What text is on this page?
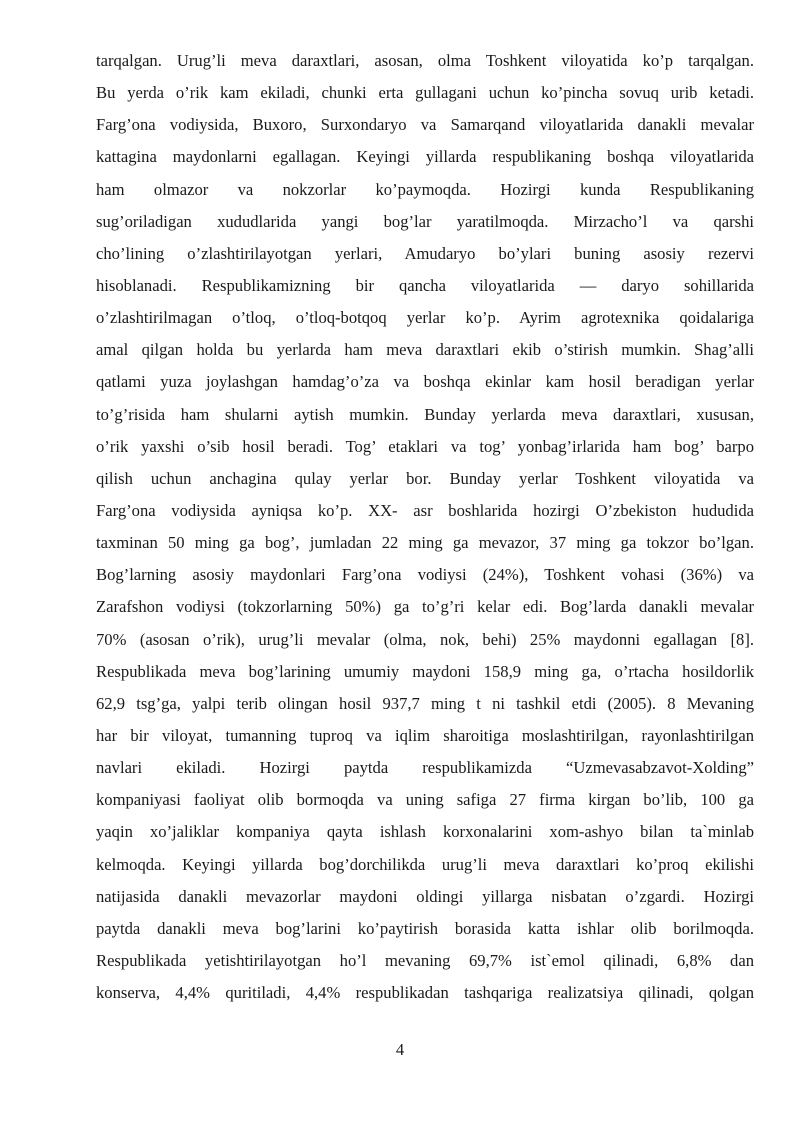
tarqalgan. Urug’li meva daraxtlari, asosan, olma Toshkent viloyatida ko’p tarqalgan.
Bu yerda o’rik kam ekiladi, chunki erta gullagani uchun ko’pincha sovuq urib ketadi.
Farg’ona vodiysida, Buxoro, Surxondaryo va Samarqand viloyatlarida danakli mevalar
kattagina maydonlarni egallagan. Keyingi yillarda respublikaning boshqa viloyatlarida
ham olmazor va nokzorlar ko’paymoqda. Hozirgi kunda Respublikaning
sug’oriladigan xududlarida yangi bog’lar yaratilmoqda. Mirzacho’l va qarshi
cho’lining o’zlashtirilayotgan yerlari, Amudaryo bo’ylari buning asosiy rezervi
hisoblanadi. Respublikamizning bir qancha viloyatlarida — daryo sohillarida
o’zlashtirilmagan o’tloq, o’tloq-botqoq yerlar ko’p. Ayrim agrotexnika qoidalariga
amal qilgan holda bu yerlarda ham meva daraxtlari ekib o’stirish mumkin. Shag’alli
qatlami yuza joylashgan hamdag’o’za va boshqa ekinlar kam hosil beradigan yerlar
to’g’risida ham shularni aytish mumkin. Bunday yerlarda meva daraxtlari, xususan,
o’rik yaxshi o’sib hosil beradi. Tog’ etaklari va tog’ yonbag’irlarida ham bog’ barpo
qilish uchun anchagina qulay yerlar bor. Bunday yerlar Toshkent viloyatida va
Farg’ona vodiysida ayniqsa ko’p. XX- asr boshlarida hozirgi O’zbekiston hududida
taxminan 50 ming ga bog’, jumladan 22 ming ga mevazor, 37 ming ga tokzor bo’lgan.
Bog’larning asosiy maydonlari Farg’ona vodiysi (24%), Toshkent vohasi (36%) va
Zarafshon vodiysi (tokzorlarning 50%) ga to’g’ri kelar edi. Bog’larda danakli mevalar
70% (asosan o’rik), urug’li mevalar (olma, nok, behi) 25% maydonni egallagan [8].
Respublikada meva bog’larining umumiy maydoni 158,9 ming ga, o’rtacha hosildorlik
62,9 tsg’ga, yalpi terib olingan hosil 937,7 ming t ni tashkil etdi (2005). 8 Mevaning
har bir viloyat, tumanning tuproq va iqlim sharoitiga moslashtirilgan, rayonlashtirilgan
navlari ekiladi. Hozirgi paytda respublikamizda “Uzmevasabzavot-Xolding”
kompaniyasi faoliyat olib bormoqda va uning safiga 27 firma kirgan bo’lib, 100 ga
yaqin xo’jaliklar kompaniya qayta ishlash korxonalarini xom-ashyo bilan ta`minlab
kelmoqda. Keyingi yillarda bog’dorchilikda urug’li meva daraxtlari ko’proq ekilishi
natijasida danakli mevazorlar maydoni oldingi yillarga nisbatan o’zgardi. Hozirgi
paytda danakli meva bog’larini ko’paytirish borasida katta ishlar olib borilmoqda.
Respublikada yetishtirilayotgan ho’l mevaning 69,7% ist`emol qilinadi, 6,8% dan
konserva, 4,4% quritiladi, 4,4% respublikadan tashqariga realizatsiya qilinadi, qolgan
4
